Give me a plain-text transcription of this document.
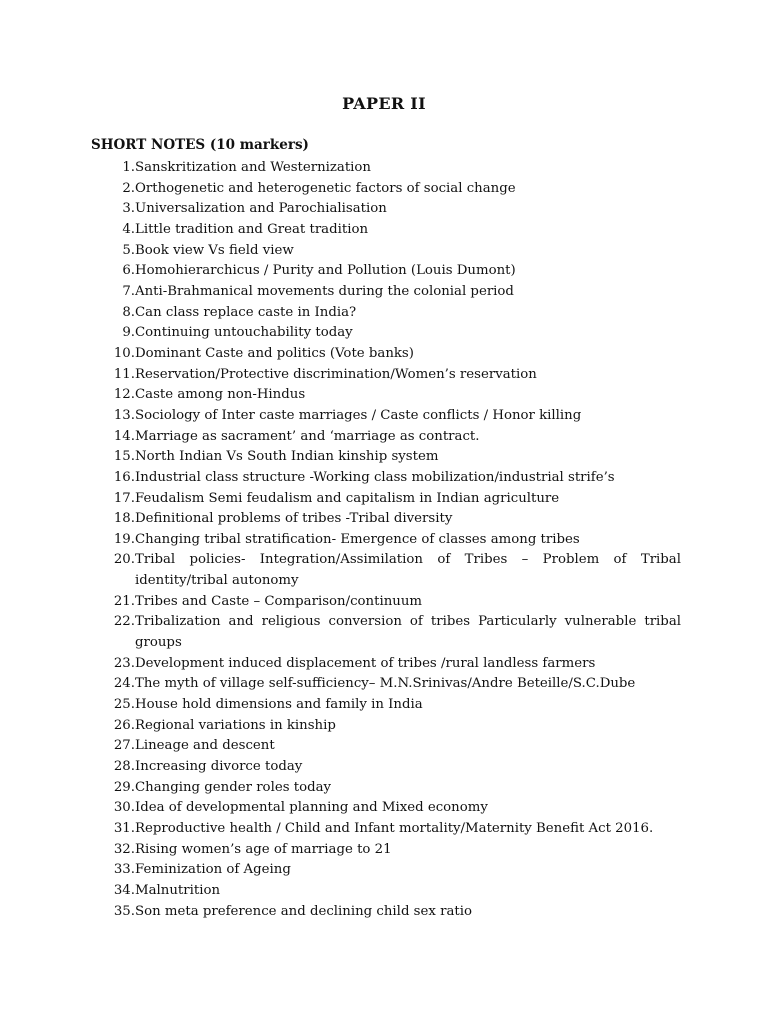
PAPER II
SHORT NOTES (10 markers)
1. Sanskritization and Westernization
2. Orthogenetic and heterogenetic factors of social change
3. Universalization and Parochialisation
4. Little tradition and Great tradition
5. Book view Vs field view
6. Homohierarchicus / Purity and Pollution (Louis Dumont)
7. Anti-Brahmanical movements during the colonial period
8. Can class replace caste in India?
9. Continuing untouchability today
10. Dominant Caste and politics (Vote banks)
11. Reservation/Protective discrimination/Women’s reservation
12. Caste among non-Hindus
13. Sociology of Inter caste marriages / Caste conflicts / Honor killing
14. Marriage as sacrament’ and ‘marriage as contract.
15. North Indian Vs South Indian kinship system
16. Industrial class structure -Working class mobilization/industrial strife’s
17. Feudalism Semi feudalism and capitalism in Indian agriculture
18. Definitional problems of tribes -Tribal diversity
19. Changing tribal stratification- Emergence of classes among tribes
20. Tribal policies- Integration/Assimilation of Tribes – Problem of Tribal identity/tribal autonomy
21. Tribes and Caste – Comparison/continuum
22. Tribalization and religious conversion of tribes Particularly vulnerable tribal groups
23. Development induced displacement of tribes /rural landless farmers
24. The myth of village self-sufficiency– M.N.Srinivas/Andre Beteille/S.C.Dube
25. House hold dimensions and family in India
26. Regional variations in kinship
27. Lineage and descent
28. Increasing divorce today
29. Changing gender roles today
30. Idea of developmental planning and Mixed economy
31. Reproductive health / Child and Infant mortality/Maternity Benefit Act 2016.
32. Rising women’s age of marriage to 21
33. Feminization of Ageing
34. Malnutrition
35. Son meta preference and declining child sex ratio
